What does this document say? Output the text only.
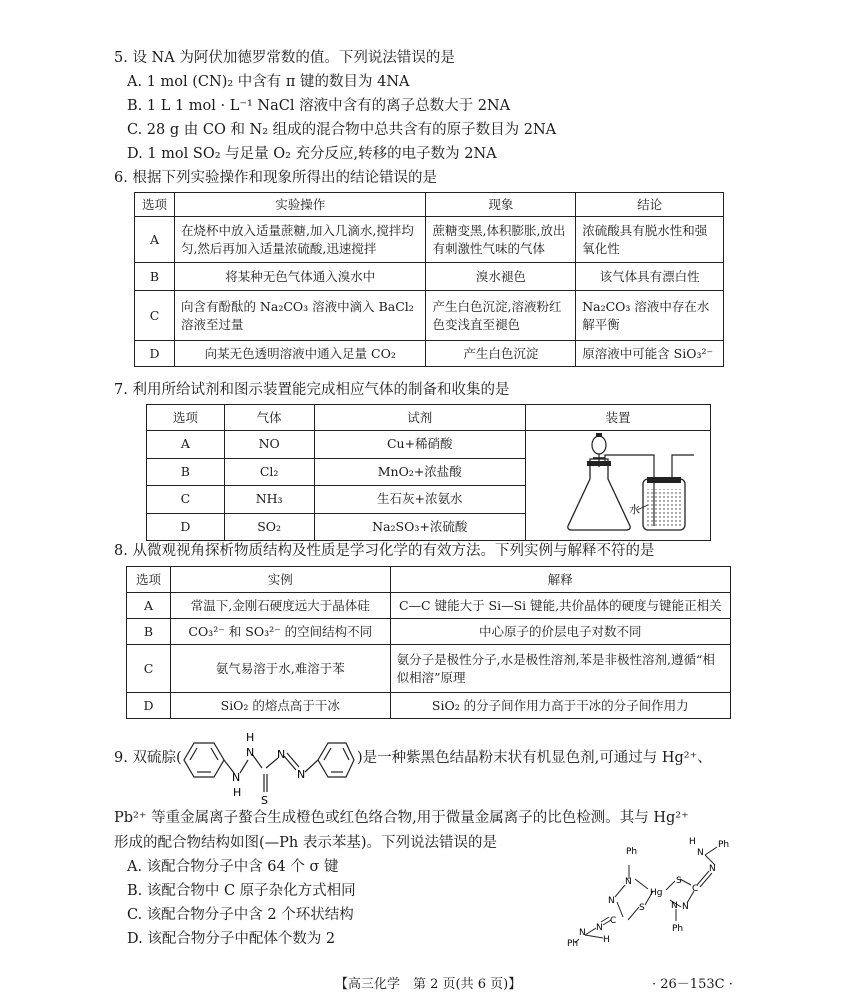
5. 设 NA 为阿伏加德罗常数的值。下列说法错误的是
A. 1 mol (CN)₂ 中含有 π 键的数目为 4NA
B. 1 L 1 mol · L⁻¹ NaCl 溶液中含有的离子总数大于 2NA
C. 28 g 由 CO 和 N₂ 组成的混合物中总共含有的原子数目为 2NA
D. 1 mol SO₂ 与足量 O₂ 充分反应,转移的电子数为 2NA
6. 根据下列实验操作和现象所得出的结论错误的是
选项	实验操作	现象	结论
A	在烧杯中放入适量蔗糖,加入几滴水,搅拌均匀,然后再加入适量浓硫酸,迅速搅拌	蔗糖变黑,体积膨胀,放出有刺激性气味的气体	浓硫酸具有脱水性和强氧化性
B	将某种无色气体通入溴水中	溴水褪色	该气体具有漂白性
C	向含有酚酞的 Na₂CO₃ 溶液中滴入 BaCl₂ 溶液至过量	产生白色沉淀,溶液粉红色变浅直至褪色	Na₂CO₃ 溶液中存在水解平衡
D	向某无色透明溶液中通入足量 CO₂	产生白色沉淀	原溶液中可能含 SiO₃²⁻
7. 利用所给试剂和图示装置能完成相应气体的制备和收集的是
选项	气体	试剂	装置
A	NO	Cu+稀硝酸	水

B	Cl₂	MnO₂+浓盐酸	
C	NH₃	生石灰+浓氨水	
D	SO₂	Na₂SO₃+浓硫酸	
8. 从微观视角探析物质结构及性质是学习化学的有效方法。下列实例与解释不符的是
选项	实例	解释
A	常温下,金刚石硬度远大于晶体硅	C—C 键能大于 Si—Si 键能,共价晶体的硬度与键能正相关
B	CO₃²⁻ 和 SO₃²⁻ 的空间结构不同	中心原子的价层电子对数不同
C	氨气易溶于水,难溶于苯	氨分子是极性分子,水是极性溶剂,苯是非极性溶剂,遵循“相似相溶”原理
D	SiO₂ 的熔点高于干冰	SiO₂ 的分子间作用力高于干冰的分子间作用力
9. 双硫腙(
N
H
N
H
S
N
N
)是一种紫黑色结晶粉末状有机显色剂,可通过与 Hg²⁺、
Pb²⁺ 等重金属离子螯合生成橙色或红色络合物,用于微量金属离子的比色检测。其与 Hg²⁺
形成的配合物结构如图(—Ph 表示苯基)。下列说法错误的是
A. 该配合物分子中含 64 个 σ 键
B. 该配合物中 C 原子杂化方式相同
C. 该配合物分子中含 2 个环状结构
D. 该配合物分子中配体个数为 2
Ph
N
N
C
S
Hg
S
C
N
N
Ph
N
N
Ph	H
N
N
H Ph
【高三化学　第 2 页(共 6 页)】	· 26－153C ·
